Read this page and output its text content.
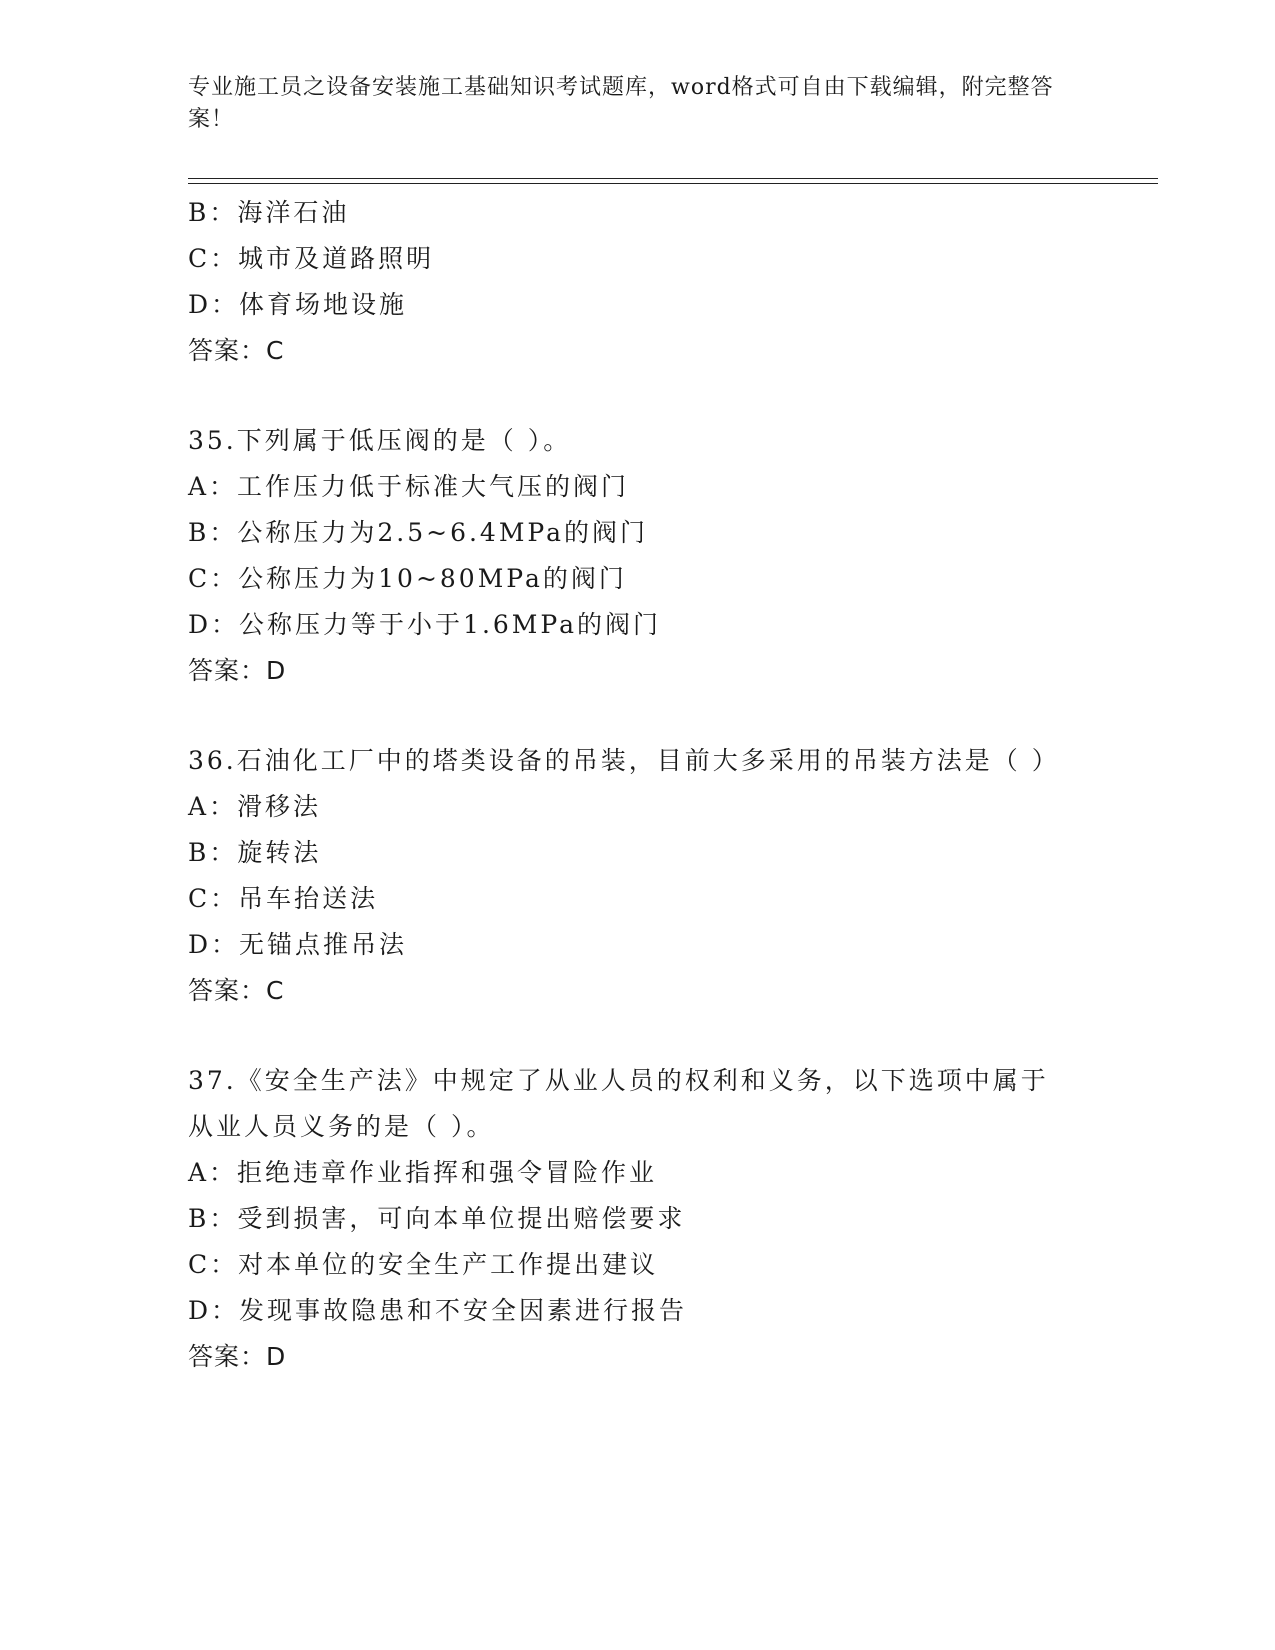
专业施工员之设备安装施工基础知识考试题库，word格式可自由下载编辑，附完整答案！
B：海洋石油
C：城市及道路照明
D：体育场地设施
答案：C
35.下列属于低压阀的是（ ）。
A：工作压力低于标准大气压的阀门
B：公称压力为2.5~6.4MPa的阀门
C：公称压力为10~80MPa的阀门
D：公称压力等于小于1.6MPa的阀门
答案：D
36.石油化工厂中的塔类设备的吊装，目前大多采用的吊装方法是（ ）
A：滑移法
B：旋转法
C：吊车抬送法
D：无锚点推吊法
答案：C
37.《安全生产法》中规定了从业人员的权利和义务，以下选项中属于从业人员义务的是（ ）。
A：拒绝违章作业指挥和强令冒险作业
B：受到损害，可向本单位提出赔偿要求
C：对本单位的安全生产工作提出建议
D：发现事故隐患和不安全因素进行报告
答案：D
